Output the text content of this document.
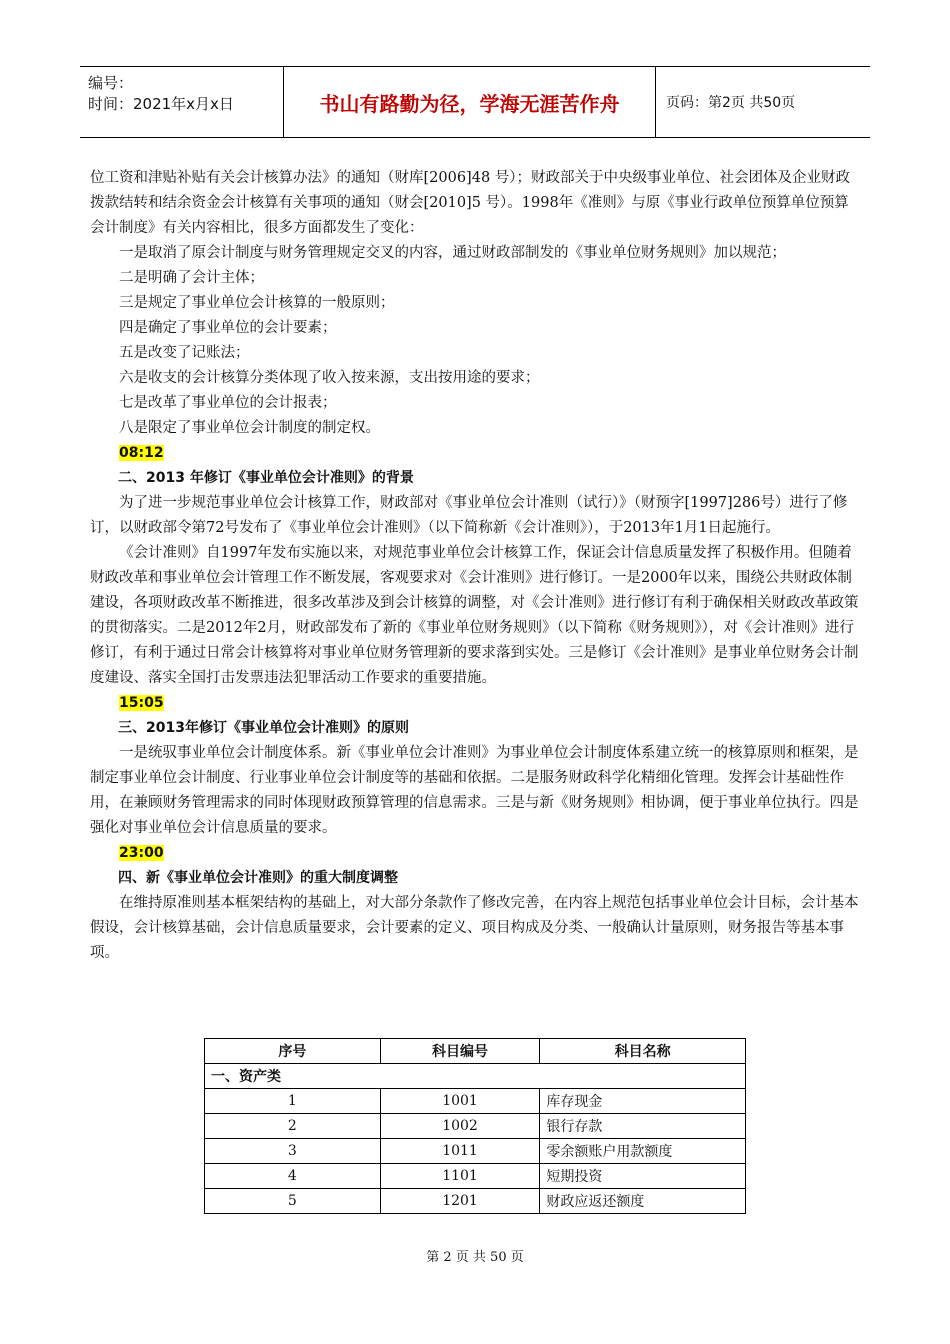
编号：
时间：2021年x月x日	书山有路勤为径，学海无涯苦作舟	页码：第2页 共50页

位工资和津贴补贴有关会计核算办法》的通知（财库[2006]48 号）；财政部关于中央级事业单位、社会团体及企业财政拨款结转和结余资金会计核算有关事项的通知（财会[2010]5 号）。1998年《准则》与原《事业行政单位预算单位预算会计制度》有关内容相比，很多方面都发生了变化：

一是取消了原会计制度与财务管理规定交叉的内容，通过财政部制发的《事业单位财务规则》加以规范；

二是明确了会计主体；

三是规定了事业单位会计核算的一般原则；

四是确定了事业单位的会计要素；

五是改变了记账法；

六是收支的会计核算分类体现了收入按来源，支出按用途的要求；

七是改革了事业单位的会计报表；

八是限定了事业单位会计制度的制定权。

08:12

二、2013 年修订《事业单位会计准则》的背景

为了进一步规范事业单位会计核算工作，财政部对《事业单位会计准则（试行）》（财预字[1997]286号）进行了修订，以财政部令第72号发布了《事业单位会计准则》（以下简称新《会计准则》），于2013年1月1日起施行。

《会计准则》自1997年发布实施以来，对规范事业单位会计核算工作，保证会计信息质量发挥了积极作用。但随着财政改革和事业单位会计管理工作不断发展，客观要求对《会计准则》进行修订。一是2000年以来，围绕公共财政体制建设，各项财政改革不断推进，很多改革涉及到会计核算的调整，对《会计准则》进行修订有利于确保相关财政改革政策的贯彻落实。二是2012年2月，财政部发布了新的《事业单位财务规则》（以下简称《财务规则》），对《会计准则》进行修订，有利于通过日常会计核算将对事业单位财务管理新的要求落到实处。三是修订《会计准则》是事业单位财务会计制度建设、落实全国打击发票违法犯罪活动工作要求的重要措施。

15:05

三、2013年修订《事业单位会计准则》的原则

一是统驭事业单位会计制度体系。新《事业单位会计准则》为事业单位会计制度体系建立统一的核算原则和框架，是制定事业单位会计制度、行业事业单位会计制度等的基础和依据。二是服务财政科学化精细化管理。发挥会计基础性作用，在兼顾财务管理需求的同时体现财政预算管理的信息需求。三是与新《财务规则》相协调，便于事业单位执行。四是强化对事业单位会计信息质量的要求。

23:00

四、新《事业单位会计准则》的重大制度调整

在维持原准则基本框架结构的基础上，对大部分条款作了修改完善，在内容上规范包括事业单位会计目标，会计基本假设，会计核算基础，会计信息质量要求，会计要素的定义、项目构成及分类、一般确认计量原则，财务报告等基本事项。

序号	科目编号	科目名称
一、资产类		
1	1001	库存现金
2	1002	银行存款
3	1011	零余额账户用款额度
4	1101	短期投资
5	1201	财政应返还额度
第 2 页 共 50 页
